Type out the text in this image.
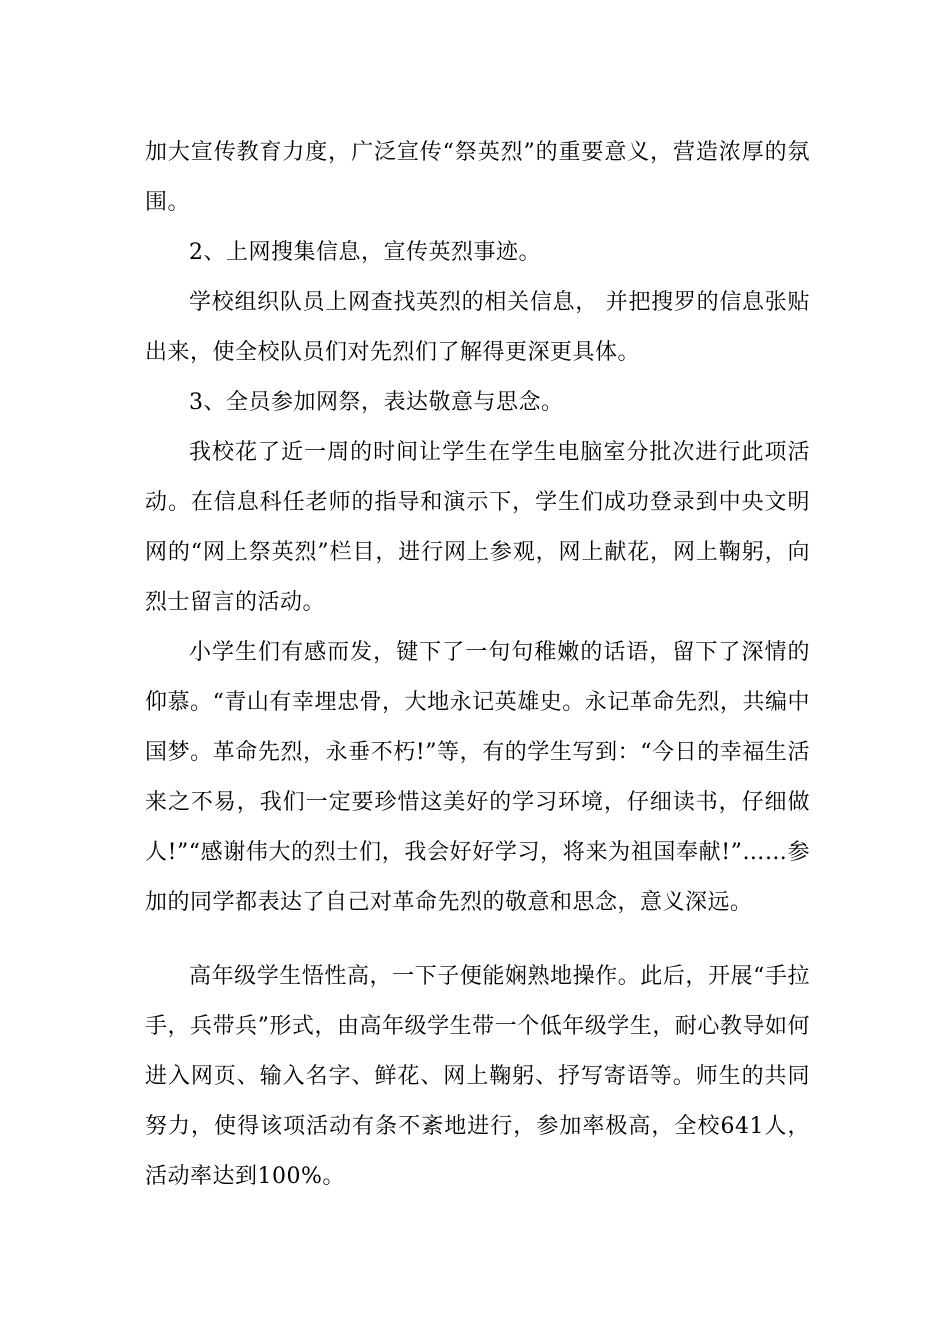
加大宣传教育力度，广泛宣传“祭英烈”的重要意义，营造浓厚的氛围。

2、上网搜集信息，宣传英烈事迹。

学校组织队员上网查找英烈的相关信息， 并把搜罗的信息张贴出来，使全校队员们对先烈们了解得更深更具体。

3、全员参加网祭，表达敬意与思念。

我校花了近一周的时间让学生在学生电脑室分批次进行此项活动。在信息科任老师的指导和演示下，学生们成功登录到中央文明网的“网上祭英烈”栏目，进行网上参观，网上献花，网上鞠躬，向烈士留言的活动。

小学生们有感而发，键下了一句句稚嫩的话语，留下了深情的仰慕。“青山有幸埋忠骨，大地永记英雄史。永记革命先烈，共编中国梦。革命先烈，永垂不朽!”等，有的学生写到：“今日的幸福生活来之不易，我们一定要珍惜这美好的学习环境，仔细读书，仔细做人!”“感谢伟大的烈士们，我会好好学习，将来为祖国奉献!”……参加的同学都表达了自己对革命先烈的敬意和思念，意义深远。

高年级学生悟性高，一下子便能娴熟地操作。此后，开展“手拉手，兵带兵”形式，由高年级学生带一个低年级学生，耐心教导如何进入网页、输入名字、鲜花、网上鞠躬、抒写寄语等。师生的共同努力，使得该项活动有条不紊地进行，参加率极高，全校641人，活动率达到100%。
